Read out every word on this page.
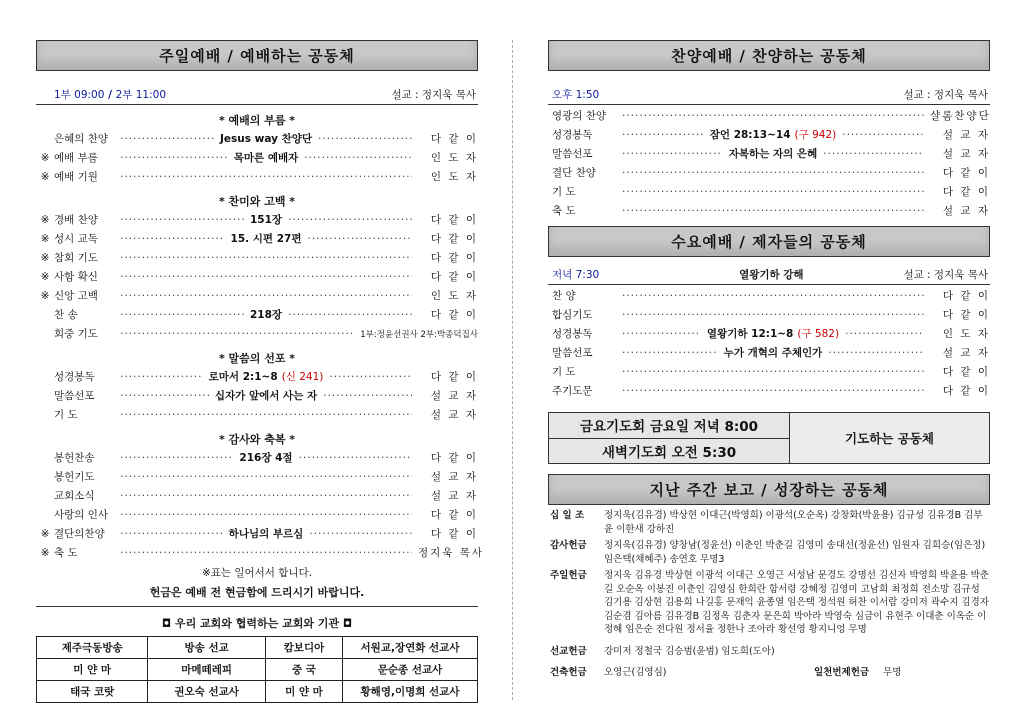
주일예배 / 예배하는 공동체
1부 09:00 / 2부 11:00	설교 : 정지욱 목사
* 예배의 부름 *
은혜의 찬양 ·····	Jesus way 찬양단 ·····	다 같 이
※ 예배 부름 ·····	목마른 예배자 ·····	인 도 자
※ 예배 기원 ·····	인 도 자
* 찬미와 고백 *
※ 경배 찬양 ·····	151장 ·····	다 같 이
※ 성시 교독 ·····	15. 시편 27편 ·····	다 같 이
※ 참회 기도 ·····	다 같 이
※ 사함 확신 ·····	다 같 이
※ 신앙 고백 ·····	인 도 자
찬 송 ·····	218장 ·····	다 같 이
회중 기도 ·····	1부:정윤선권사 2부:박종덕집사
* 말씀의 선포 *
성경봉독 ·····	로마서 2:1~8 (신 241) ·····	다 같 이
말씀선포 ·····	십자가 앞에서 사는 자 ·····	설 교 자
기 도 ·····	설 교 자
* 감사와 축복 *
봉헌찬송 ·····	216장 4절 ·····	다 같 이
봉헌기도 ·····	설 교 자
교회소식 ·····	설 교 자
사랑의 인사 ·····	다 같 이
※ 결단의찬양 ·····	하나님의 부르심 ·····	다 같 이
※ 축 도 ·····	정지욱 목사
※표는 일어서서 합니다.
헌금은 예배 전 현금함에 드리시기 바랍니다.
◘ 우리 교회와 협력하는 교회와 기관 ◘
제주극동방송	방송 선교	캄보디아	서원교,장연화 선교사
미 얀 마	마메떼레피	중 국	문순종 선교사
태국 코랏	권오숙 선교사	미 얀 마	황해영,이명희 선교사
찬양예배 / 찬양하는 공동체
오후 1:50	설교 : 정지욱 목사
영광의 찬양 ·····	샬롬찬양단
성경봉독 ·····	잠언 28:13~14 (구 942) ·····	설 교 자
말씀선포 ·····	자복하는 자의 은혜 ·····	설 교 자
결단 찬양 ·····	다 같 이
기 도 ·····	다 같 이
축 도 ·····	설 교 자
수요예배 / 제자들의 공동체
저녁 7:30	열왕기하 강해	설교 : 정지욱 목사
찬 양 ·····	다 같 이
합심기도 ·····	다 같 이
성경봉독 ·····	열왕기하 12:1~8 (구 582) ·····	인 도 자
말씀선포 ·····	누가 개혁의 주체인가 ·····	설 교 자
기 도 ·····	다 같 이
주기도문 ·····	다 같 이
금요기도회 금요일 저녁 8:00
새벽기도회 오전 5:30
기도하는 공동체
지난 주간 보고 / 성장하는 공동체
십 일 조	정지욱(김유경) 박상현 이대근(박영희) 이광석(오순옥) 강창화(박윤용) 김규성 김유경B 김부윤 이한새 강하진
감사헌금	정지욱(김유경) 양창남(정윤선) 이춘인 박춘길 김영미 송대선(정윤선) 임원자 김희승(임은정) 임은택(채혜주) 송연호 무명3
주일헌금	정지욱 김유경 박상현 이광석 이대근 오영근 서성남 문경도 강명선 김신자 박영희 박윤용 박춘길 오순옥 이봉진 이춘인 김영심 한희란 함서령 강혜정 김영미 고남희 최정희 전소망 김규성 김기용 김상현 김용희 나길홍 문재익 윤종열 임은택 정석원 허찬 이서람 강미저 곽수지 김경자 김순겸 김아름 김유경B 김정옥 김춘자 문은희 박아라 박영숙 심금이 유현주 이대춘 이옥순 이정혜 임은순 전다원 정서율 정한나 조아라 황선영 황지니엉 무명
선교헌금	강미저 정철국 김승범(윤범) 임도희(도아)
건축헌금	오영근(김영심)	일천번제헌금 무명
